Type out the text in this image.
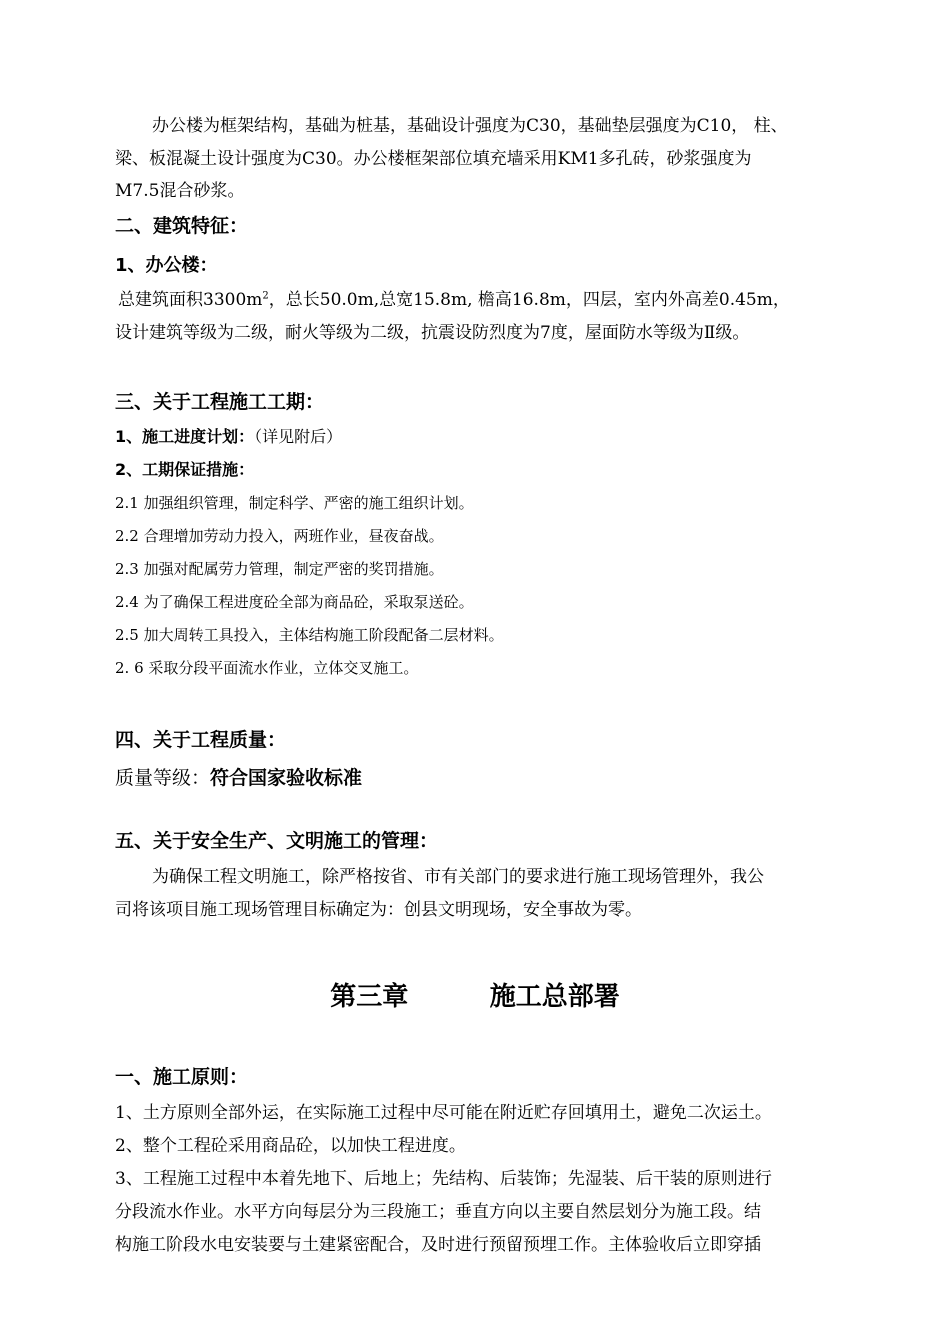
办公楼为框架结构，基础为桩基，基础设计强度为C30，基础垫层强度为C10， 柱、
梁、板混凝土设计强度为C30。办公楼框架部位填充墙采用KM1多孔砖，砂浆强度为
M7.5混合砂浆。
二、建筑特征：
1、办公楼：
总建筑面积$3300m^2$，总长50.0m,总宽15.8m, 檐高16.8m，四层，室内外高差0.45m，
设计建筑等级为二级，耐火等级为二级，抗震设防烈度为7度，屋面防水等级为Ⅱ级。
三、关于工程施工工期：
1、施工进度计划：（详见附后）
2、工期保证措施：
2.1 加强组织管理，制定科学、严密的施工组织计划。
2.2 合理增加劳动力投入，两班作业，昼夜奋战。
2.3 加强对配属劳力管理，制定严密的奖罚措施。
2.4 为了确保工程进度砼全部为商品砼，采取泵送砼。
2.5 加大周转工具投入，主体结构施工阶段配备二层材料。
2. 6 采取分段平面流水作业，立体交叉施工。
四、关于工程质量：
质量等级：符合国家验收标准
五、关于安全生产、文明施工的管理：
为确保工程文明施工，除严格按省、市有关部门的要求进行施工现场管理外，我公
司将该项目施工现场管理目标确定为：创县文明现场，安全事故为零。
第三章	施工总部署
一、施工原则：
1、土方原则全部外运，在实际施工过程中尽可能在附近贮存回填用土，避免二次运土。
2、整个工程砼采用商品砼，以加快工程进度。
3、工程施工过程中本着先地下、后地上；先结构、后装饰；先湿装、后干装的原则进行
分段流水作业。水平方向每层分为三段施工；垂直方向以主要自然层划分为施工段。结
构施工阶段水电安装要与土建紧密配合，及时进行预留预埋工作。主体验收后立即穿插
